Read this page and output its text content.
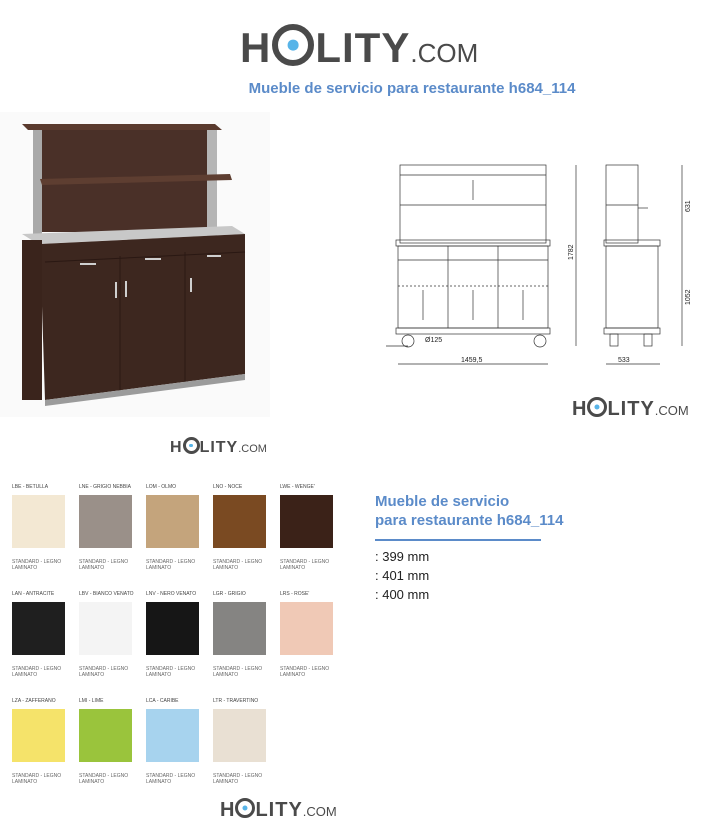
H LITY .COM
Mueble de servicio para restaurante h684_114
1459,5	533
Ø125
1782
631
1052
H LITY .COM
H LITY .COM
LBE - BETULLA
STANDARD - LEGNO LAMINATO
LNE - GRIGIO NEBBIA
STANDARD - LEGNO LAMINATO
LOM - OLMO
STANDARD - LEGNO LAMINATO
LNO - NOCE
STANDARD - LEGNO LAMINATO
LWE - WENGE'
STANDARD - LEGNO LAMINATO
LAN - ANTRACITE
STANDARD - LEGNO LAMINATO
LBV - BIANCO VENATO
STANDARD - LEGNO LAMINATO
LNV - NERO VENATO
STANDARD - LEGNO LAMINATO
LGR - GRIGIO
STANDARD - LEGNO LAMINATO
LRS - ROSE'
STANDARD - LEGNO LAMINATO
LZA - ZAFFERANO
STANDARD - LEGNO LAMINATO
LMI - LIME
STANDARD - LEGNO LAMINATO
LCA - CARIBE
STANDARD - LEGNO LAMINATO
LTR - TRAVERTINO
STANDARD - LEGNO LAMINATO
Mueble de servicio
para restaurante h684_114
: 399 mm
: 401 mm
: 400 mm
H LITY .COM
